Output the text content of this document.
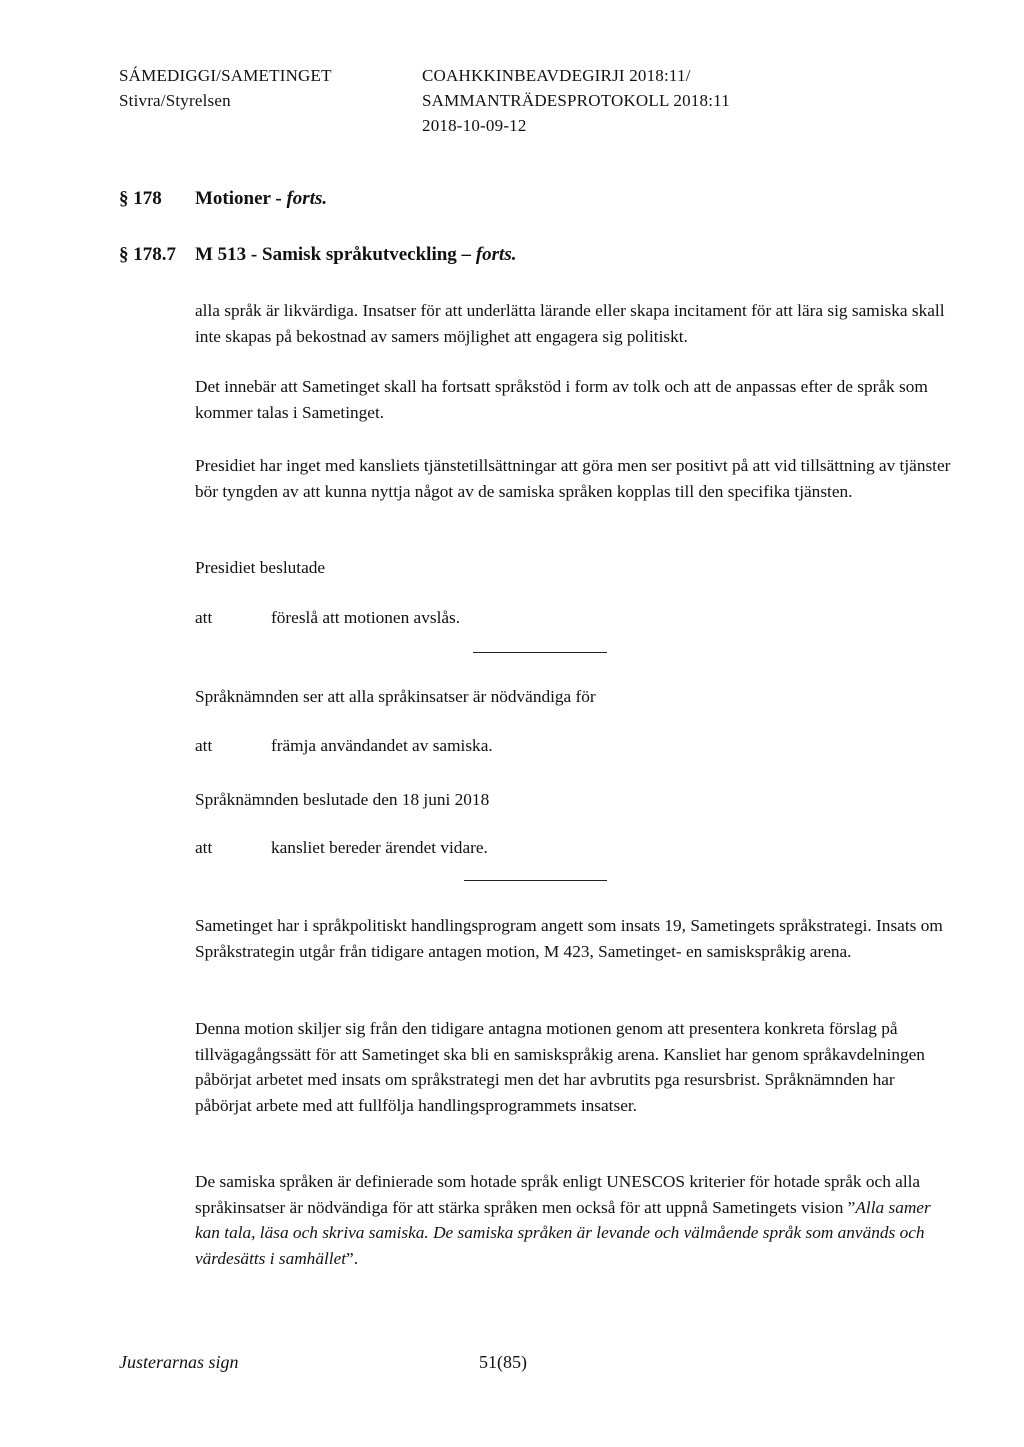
SÁMEDIGGI/SAMETINGET
Stivra/Styrelsen
COAHKKINBEAVDEGIRJI 2018:11/
SAMMANTRÄDESPROTOKOLL 2018:11
2018-10-09-12
§ 178 Motioner - forts.
§ 178.7 M 513 - Samisk språkutveckling – forts.

alla språk är likvärdiga. Insatser för att underlätta lärande eller skapa incitament för att lära sig samiska skall inte skapas på bekostnad av samers möjlighet att engagera sig politiskt.

Det innebär att Sametinget skall ha fortsatt språkstöd i form av tolk och att de anpassas efter de språk som kommer talas i Sametinget.

Presidiet har inget med kansliets tjänstetillsättningar att göra men ser positivt på att vid tillsättning av tjänster bör tyngden av att kunna nyttja något av de samiska språken kopplas till den specifika tjänsten.

Presidiet beslutade

att	föreslå att motionen avslås.

Språknämnden ser att alla språkinsatser är nödvändiga för

att	främja användandet av samiska.

Språknämnden beslutade den 18 juni 2018

att	kansliet bereder ärendet vidare.

Sametinget har i språkpolitiskt handlingsprogram angett som insats 19, Sametingets språkstrategi. Insats om Språkstrategin utgår från tidigare antagen motion, M 423, Sametinget- en samiskspråkig arena.

Denna motion skiljer sig från den tidigare antagna motionen genom att presentera konkreta förslag på tillvägagångssätt för att Sametinget ska bli en samiskspråkig arena. Kansliet har genom språkavdelningen påbörjat arbetet med insats om språkstrategi men det har avbrutits pga resursbrist. Språknämnden har påbörjat arbete med att fullfölja handlingsprogrammets insatser.

De samiska språken är definierade som hotade språk enligt UNESCOS kriterier för hotade språk och alla språkinsatser är nödvändiga för att stärka språken men också för att uppnå Sametingets vision ”Alla samer kan tala, läsa och skriva samiska. De samiska språken är levande och välmående språk som används och värdesätts i samhället”.

Justerarnas sign	51(85)
